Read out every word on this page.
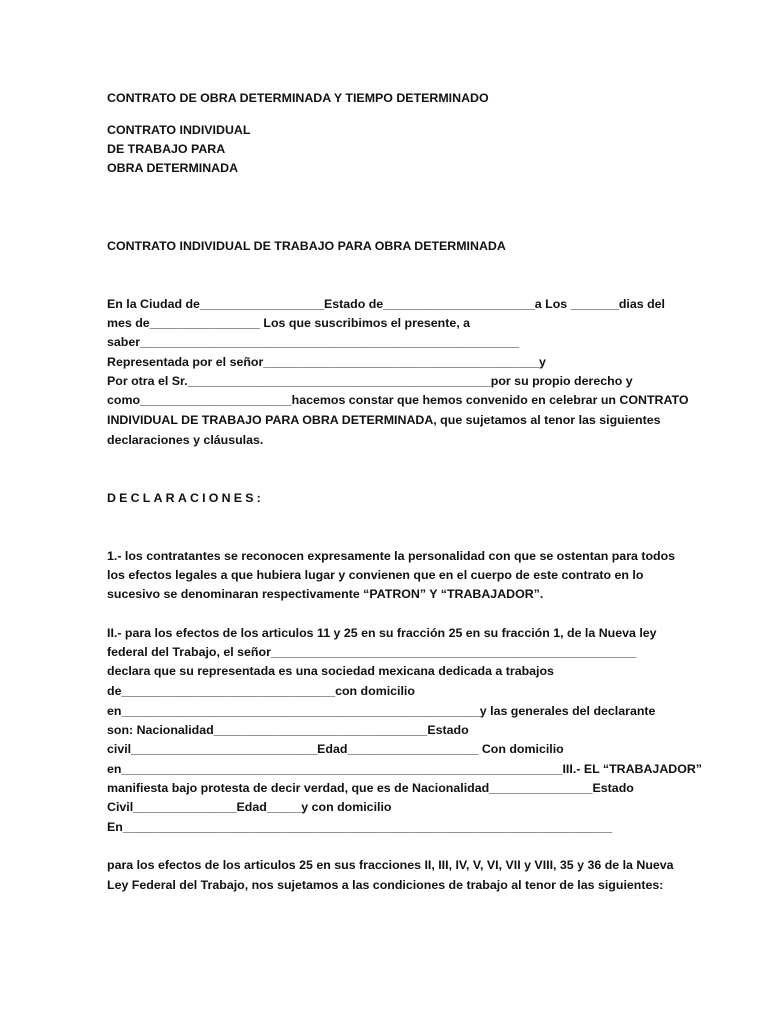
CONTRATO DE OBRA DETERMINADA Y TIEMPO DETERMINADO
CONTRATO INDIVIDUAL
DE TRABAJO PARA
OBRA DETERMINADA
CONTRATO INDIVIDUAL DE TRABAJO PARA OBRA DETERMINADA
En la Ciudad de__________________Estado de______________________a Los _______dias del
mes de________________ Los que suscribimos el presente, a
saber_______________________________________________________
Representada por el señor________________________________________y
Por otra el Sr.____________________________________________por su propio derecho y
como______________________hacemos constar que hemos convenido en celebrar un CONTRATO
INDIVIDUAL DE TRABAJO PARA OBRA DETERMINADA, que sujetamos al tenor las siguientes
declaraciones y cláusulas.
DECLARACIONES:
1.- los contratantes se reconocen expresamente la personalidad con que se ostentan para todos
los efectos legales a que hubiera lugar y convienen que en el cuerpo de este contrato en lo
sucesivo se denominaran respectivamente “PATRON” Y “TRABAJADOR”.
II.- para los efectos de los articulos 11 y 25 en su fracción 25 en su fracción 1, de la Nueva ley
federal del Trabajo, el señor_____________________________________________________
declara que su representada es una sociedad mexicana dedicada a trabajos
de_______________________________con domicilio
en____________________________________________________y las generales del declarante
son: Nacionalidad_______________________________Estado
civil___________________________Edad___________________ Con domicilio
en________________________________________________________________III.- EL “TRABAJADOR”
manifiesta bajo protesta de decir verdad, que es de Nacionalidad_______________Estado
Civil_______________Edad_____y con domicilio
En_______________________________________________________________________
para los efectos de los articulos 25 en sus fracciones II, III, IV, V, VI, VII y VIII, 35 y 36 de la Nueva
Ley Federal del Trabajo, nos sujetamos a las condiciones de trabajo al tenor de las siguientes:
